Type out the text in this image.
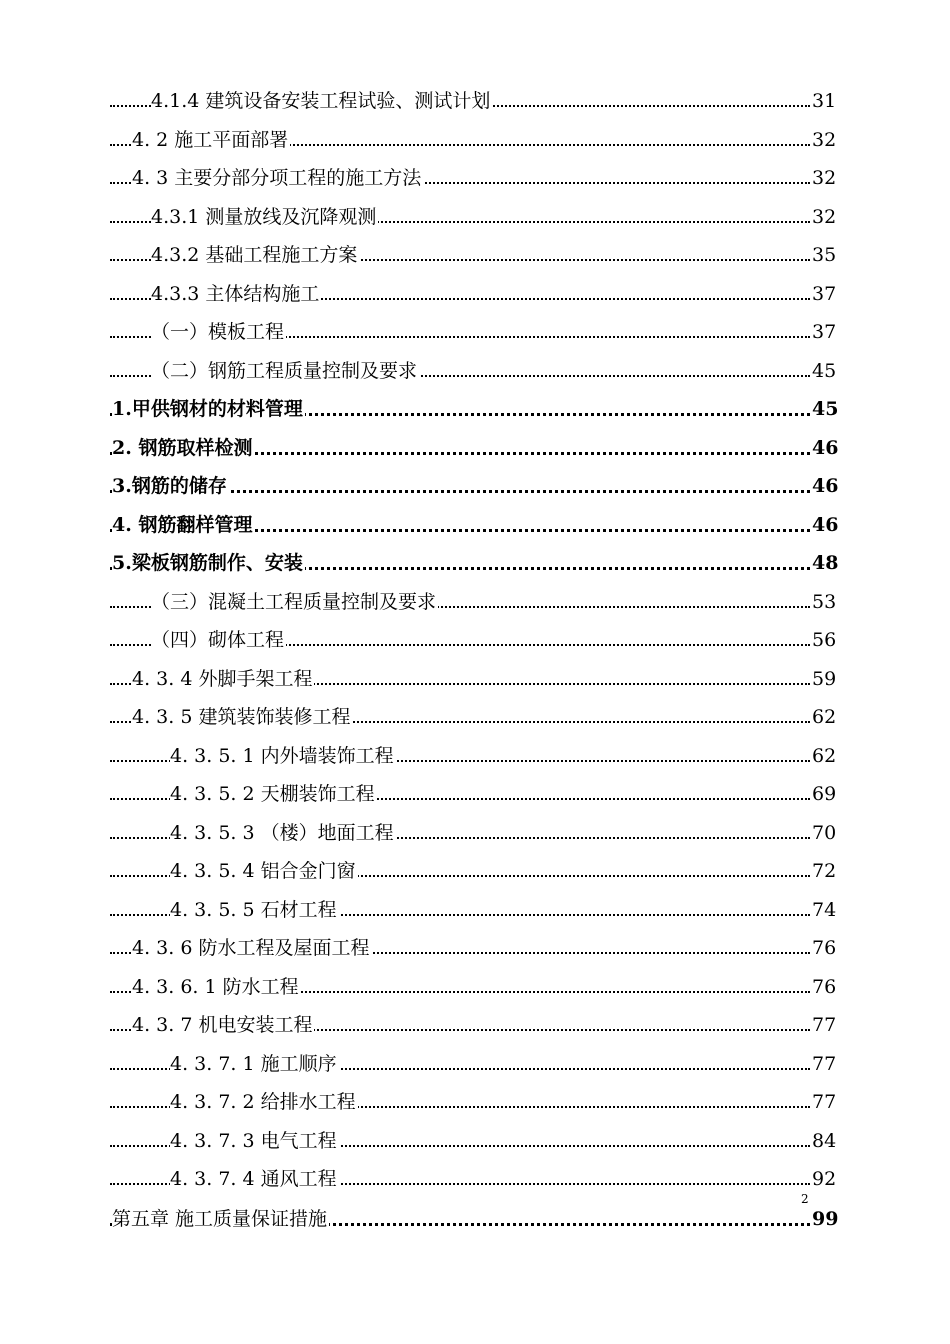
4.1.4 建筑设备安装工程试验、测试计划	31
4. 2 施工平面部署	32
4. 3 主要分部分项工程的施工方法	32
4.3.1 测量放线及沉降观测	32
4.3.2 基础工程施工方案	35
4.3.3 主体结构施工	37
（一）模板工程	37
（二）钢筋工程质量控制及要求	45
1.甲供钢材的材料管理	45
2. 钢筋取样检测	46
3.钢筋的储存	46
4. 钢筋翻样管理	46
5.梁板钢筋制作、安装	48
（三）混凝土工程质量控制及要求	53
（四）砌体工程	56
4. 3. 4 外脚手架工程	59
4. 3. 5 建筑装饰装修工程	62
4. 3. 5. 1 内外墙装饰工程	62
4. 3. 5. 2 天棚装饰工程	69
4. 3. 5. 3 （楼）地面工程	70
4. 3. 5. 4 铝合金门窗	72
4. 3. 5. 5 石材工程	74
4. 3. 6 防水工程及屋面工程	76
4. 3. 6. 1 防水工程	76
4. 3. 7 机电安装工程	77
4. 3. 7. 1 施工顺序	77
4. 3. 7. 2 给排水工程	77
4. 3. 7. 3 电气工程	84
4. 3. 7. 4 通风工程	92
2
第五章 施工质量保证措施	99
